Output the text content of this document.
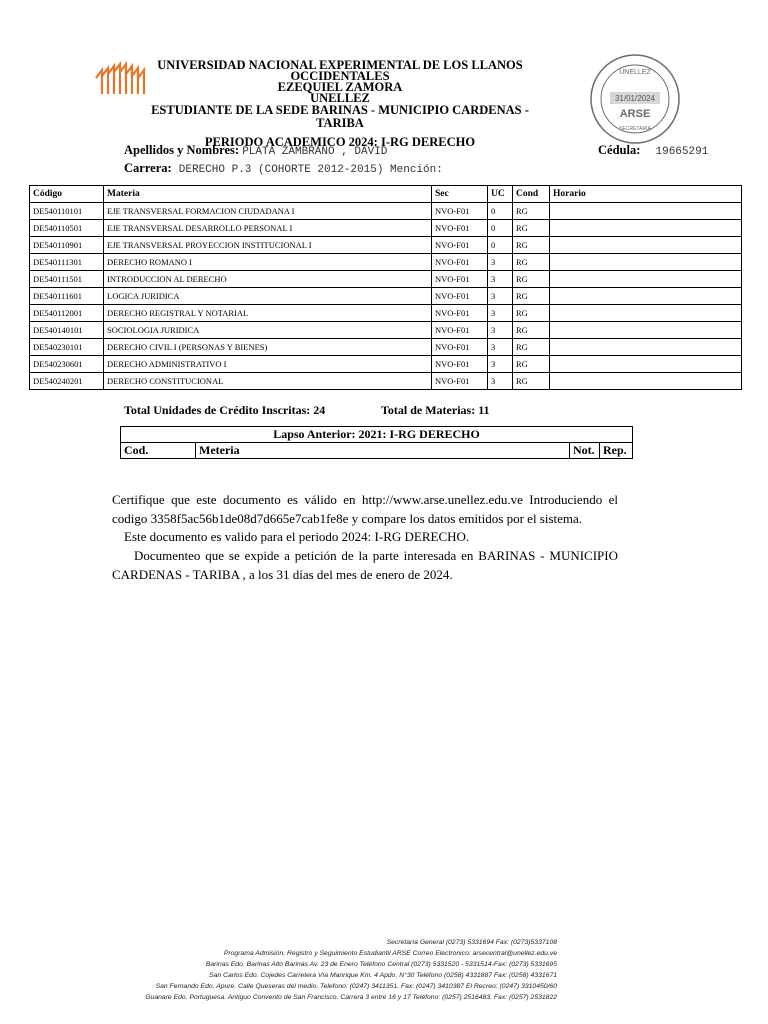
UNIVERSIDAD NACIONAL EXPERIMENTAL DE LOS LLANOS OCCIDENTALES
EZEQUIEL ZAMORA
UNELLEZ
ESTUDIANTE DE LA SEDE BARINAS - MUNICIPIO CARDENAS - TARIBA
PERIODO ACADEMICO 2024: I-RG DERECHO
UNELLEZ
31/01/2024
ARSE
SECRETARIA
Apellidos y Nombres: PLATA ZAMBRANO , DAVID	Cédula: 19665291
Carrera: DERECHO P.3 (COHORTE 2012-2015) Mención:
Código	Materia	Sec	UC	Cond	Horario
DE540110101	EJE TRANSVERSAL FORMACION CIUDADANA I	NVO-F01	0	RG	
DE540110501	EJE TRANSVERSAL DESARROLLO PERSONAL I	NVO-F01	0	RG	
DE540110901	EJE TRANSVERSAL PROYECCION INSTITUCIONAL I	NVO-F01	0	RG	
DE540111301	DERECHO ROMANO I	NVO-F01	3	RG	
DE540111501	INTRODUCCION AL DERECHO	NVO-F01	3	RG	
DE540111601	LOGICA JURIDICA	NVO-F01	3	RG	
DE540112001	DERECHO REGISTRAL Y NOTARIAL	NVO-F01	3	RG	
DE540140101	SOCIOLOGIA JURIDICA	NVO-F01	3	RG	
DE540230101	DERECHO CIVIL I (PERSONAS Y BIENES)	NVO-F01	3	RG	
DE540230601	DERECHO ADMINISTRATIVO I	NVO-F01	3	RG	
DE540240201	DERECHO CONSTITUCIONAL	NVO-F01	3	RG	
Total Unidades de Crédito Inscritas: 24	Total de Materias: 11
Lapso Anterior: 2021: I-RG DERECHO
Cod.	Meteria	Not.	Rep.
Certifique que este documento es válido en http://www.arse.unellez.edu.ve Introduciendo el codigo 3358f5ac56b1de08d7d665e7cab1fe8e y compare los datos emitidos por el sistema.
Este documento es valido para el periodo 2024: I-RG DERECHO.
Documenteo que se expide a petición de la parte interesada en BARINAS - MUNICIPIO CARDENAS - TARIBA , a los 31 días del mes de enero de 2024.
Secretaría General (0273) 5331694 Fax: (0273)5337108
Programa Admisión, Registro y Seguimiento Estudiantil ARSE Correo Electronico: arsecentral@unellez.edu.ve
Barinas Edo. Barinas Alto Barinas Av. 23 de Enero Teléfono Central (0273) 5331520 - 5331514-Fax: (0273) 5331695
San Carlos Edo. Cojedes Carretera Vía Manrique Km. 4 Apdo. N°30 Teléfono (0258) 4331887 Fax: (0258) 4331671
San Fernando Edo. Apure. Calle Queseras del medio. Telefono: (0247) 3411351. Fax: (0247) 3410387 El Recreo: (0247) 3310450/60
Guanare Edo. Portuguesa. Antiguo Convento de San Francisco. Carrera 3 entre 16 y 17 Teléfono: (0257) 2516483. Fax: (0257) 2531822
